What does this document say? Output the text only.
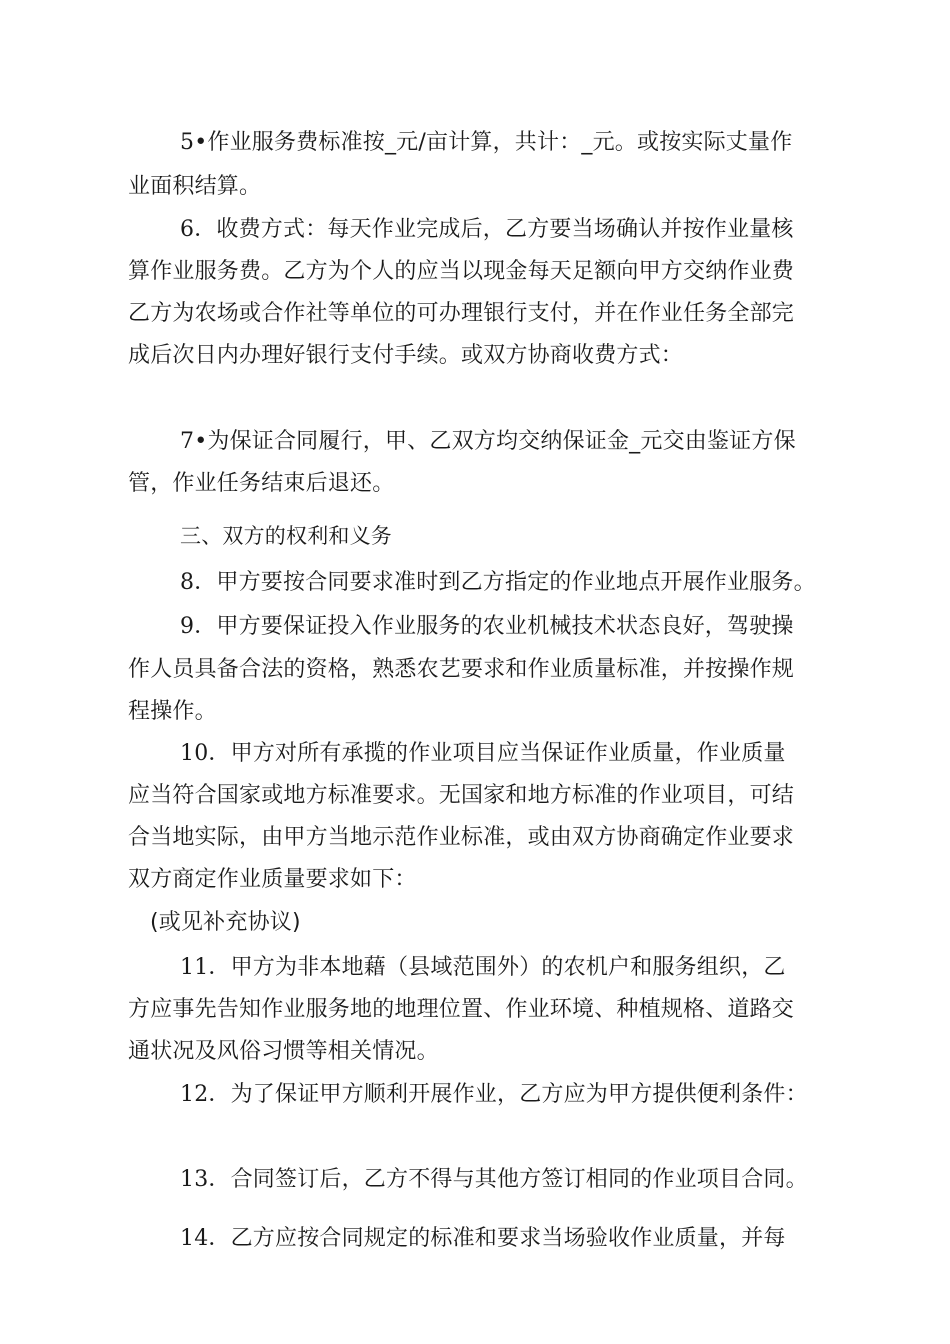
5•作业服务费标准按_元/亩计算，共计：_元。或按实际丈量作
业面积结算。
6．收费方式：每天作业完成后，乙方要当场确认并按作业量核
算作业服务费。乙方为个人的应当以现金每天足额向甲方交纳作业费
乙方为农场或合作社等单位的可办理银行支付，并在作业任务全部完
成后次日内办理好银行支付手续。或双方协商收费方式：
7•为保证合同履行，甲、乙双方均交纳保证金_元交由鉴证方保
管，作业任务结束后退还。
三、双方的权利和义务
8．甲方要按合同要求准时到乙方指定的作业地点开展作业服务。
9．甲方要保证投入作业服务的农业机械技术状态良好，驾驶操
作人员具备合法的资格，熟悉农艺要求和作业质量标准，并按操作规
程操作。
10．甲方对所有承揽的作业项目应当保证作业质量，作业质量
应当符合国家或地方标准要求。无国家和地方标准的作业项目，可结
合当地实际，由甲方当地示范作业标准，或由双方协商确定作业要求
双方商定作业质量要求如下：
(或见补充协议)
11．甲方为非本地藉（县域范围外）的农机户和服务组织，乙
方应事先告知作业服务地的地理位置、作业环境、种植规格、道路交
通状况及风俗习惯等相关情况。
12．为了保证甲方顺利开展作业，乙方应为甲方提供便利条件：
13．合同签订后，乙方不得与其他方签订相同的作业项目合同。
14．乙方应按合同规定的标准和要求当场验收作业质量，并每
